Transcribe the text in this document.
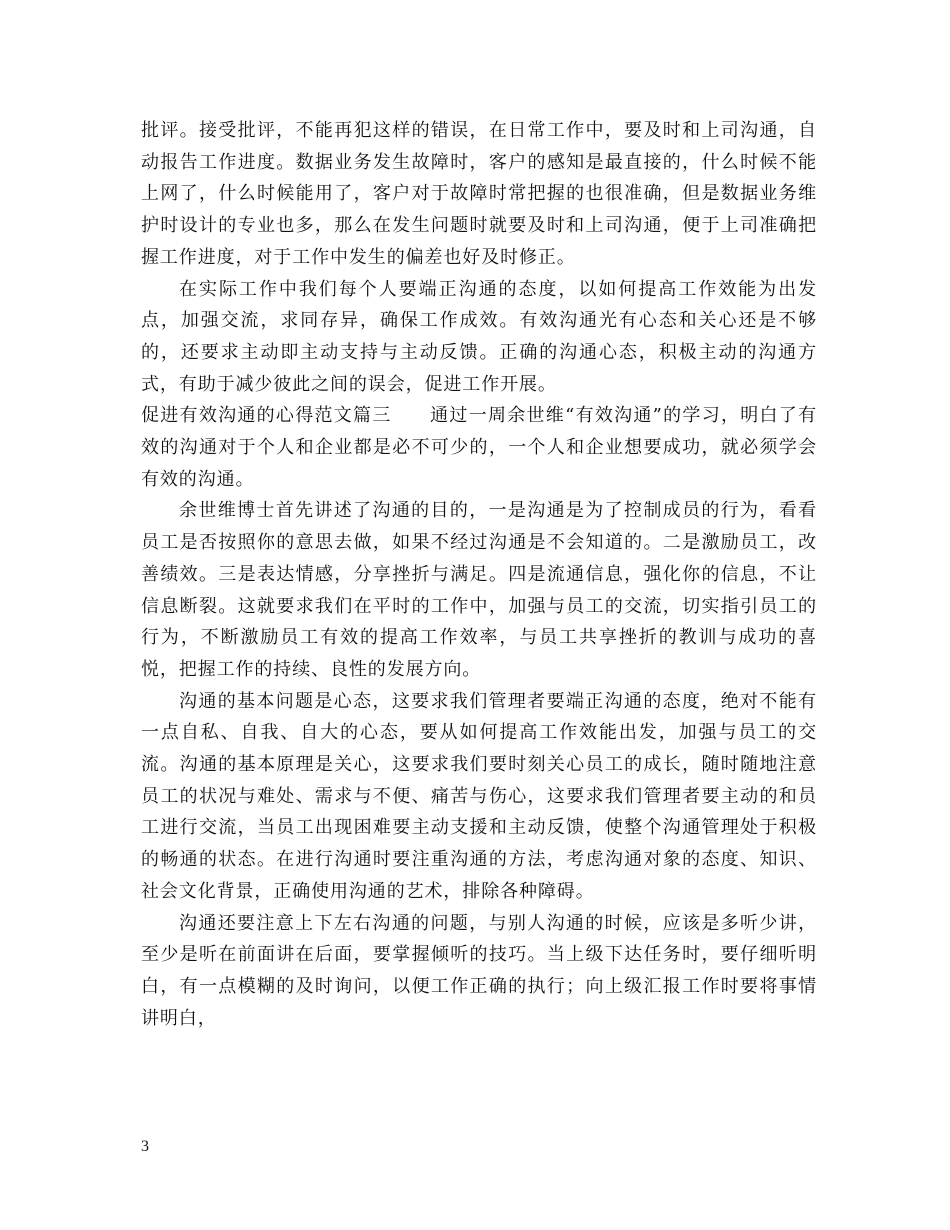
批评。接受批评，不能再犯这样的错误，在日常工作中，要及时和上司沟通，自动报告工作进度。数据业务发生故障时，客户的感知是最直接的，什么时候不能上网了，什么时候能用了，客户对于故障时常把握的也很准确，但是数据业务维护时设计的专业也多，那么在发生问题时就要及时和上司沟通，便于上司准确把握工作进度，对于工作中发生的偏差也好及时修正。

在实际工作中我们每个人要端正沟通的态度，以如何提高工作效能为出发点，加强交流，求同存异，确保工作成效。有效沟通光有心态和关心还是不够的，还要求主动即主动支持与主动反馈。正确的沟通心态，积极主动的沟通方式，有助于减少彼此之间的误会，促进工作开展。

促进有效沟通的心得范文篇三　　通过一周余世维“有效沟通”的学习，明白了有效的沟通对于个人和企业都是必不可少的，一个人和企业想要成功，就必须学会有效的沟通。

余世维博士首先讲述了沟通的目的，一是沟通是为了控制成员的行为，看看员工是否按照你的意思去做，如果不经过沟通是不会知道的。二是激励员工，改善绩效。三是表达情感，分享挫折与满足。四是流通信息，强化你的信息，不让信息断裂。这就要求我们在平时的工作中，加强与员工的交流，切实指引员工的行为，不断激励员工有效的提高工作效率，与员工共享挫折的教训与成功的喜悦，把握工作的持续、良性的发展方向。

沟通的基本问题是心态，这要求我们管理者要端正沟通的态度，绝对不能有一点自私、自我、自大的心态，要从如何提高工作效能出发，加强与员工的交流。沟通的基本原理是关心，这要求我们要时刻关心员工的成长，随时随地注意员工的状况与难处、需求与不便、痛苦与伤心，这要求我们管理者要主动的和员工进行交流，当员工出现困难要主动支援和主动反馈，使整个沟通管理处于积极的畅通的状态。在进行沟通时要注重沟通的方法，考虑沟通对象的态度、知识、社会文化背景，正确使用沟通的艺术，排除各种障碍。

沟通还要注意上下左右沟通的问题，与别人沟通的时候，应该是多听少讲，至少是听在前面讲在后面，要掌握倾听的技巧。当上级下达任务时，要仔细听明白，有一点模糊的及时询问，以便工作正确的执行；向上级汇报工作时要将事情讲明白，

3
